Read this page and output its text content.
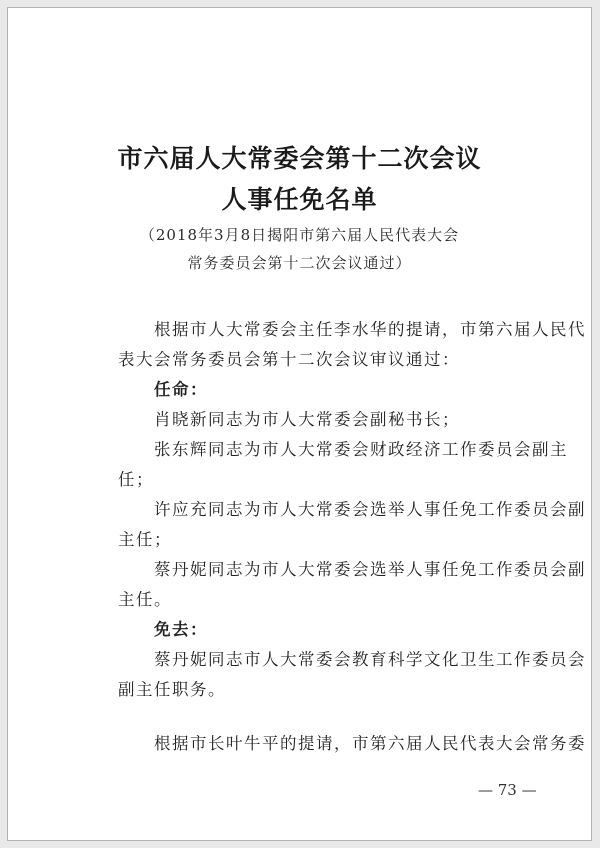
市六届人大常委会第十二次会议
人事任免名单
（2018年3月8日揭阳市第六届人民代表大会
常务委员会第十二次会议通过）
根据市人大常委会主任李水华的提请，市第六届人民代
表大会常务委员会第十二次会议审议通过：
任命：
肖晓新同志为市人大常委会副秘书长；
张东辉同志为市人大常委会财政经济工作委员会副主
任；
许应充同志为市人大常委会选举人事任免工作委员会副
主任；
蔡丹妮同志为市人大常委会选举人事任免工作委员会副
主任。
免去：
蔡丹妮同志市人大常委会教育科学文化卫生工作委员会
副主任职务。
根据市长叶牛平的提请，市第六届人民代表大会常务委
— 73 —
